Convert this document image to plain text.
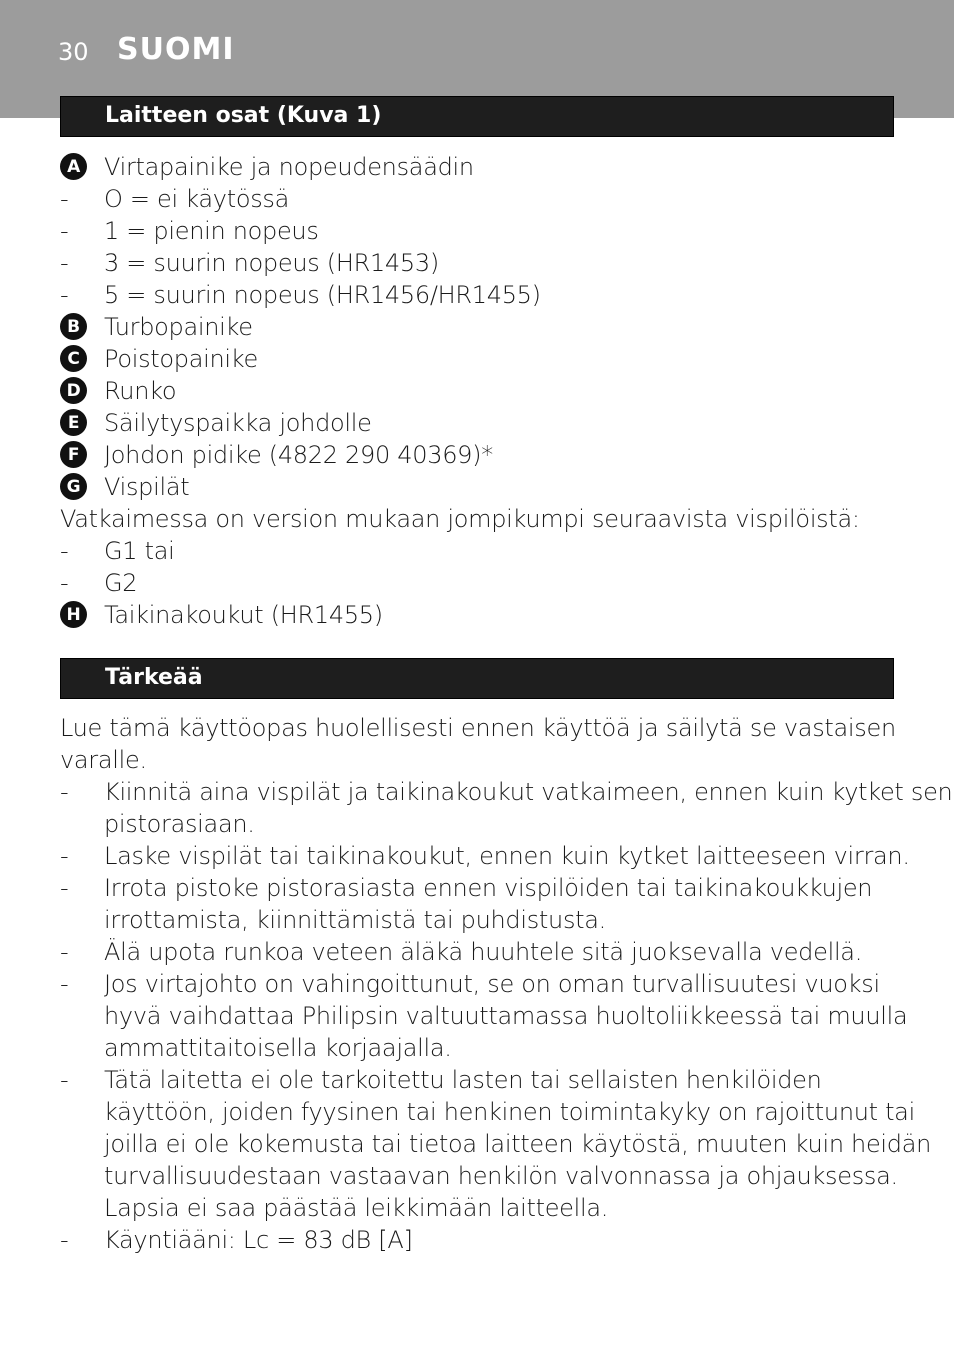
30 SUOMI
Laitteen osat (Kuva 1)
A Virtapainike ja nopeudensäädin
- O = ei käytössä
- 1 = pienin nopeus
- 3 = suurin nopeus (HR1453)
- 5 = suurin nopeus (HR1456/HR1455)
B Turbopainike
C	Poistopainike
D Runko
E	Säilytyspaikka johdolle
F	Johdon pidike (4822 290 40369)*
G Vispilät
Vatkaimessa on version mukaan jompikumpi seuraavista vispilöistä:
- G1 tai
- G2
H Taikinakoukut (HR1455)
Tärkeää
Lue tämä käyttöopas huolellisesti ennen käyttöä ja säilytä se vastaisen
varalle.
- Kiinnitä aina vispilät ja taikinakoukut vatkaimeen, ennen kuin kytket sen
pistorasiaan.
- Laske vispilät tai taikinakoukut, ennen kuin kytket laitteeseen virran.
- Irrota pistoke pistorasiasta ennen vispilöiden tai taikinakoukkujen
irrottamista, kiinnittämistä tai puhdistusta.
- Älä upota runkoa veteen äläkä huuhtele sitä juoksevalla vedellä.
- Jos virtajohto on vahingoittunut, se on oman turvallisuutesi vuoksi
hyvä vaihdattaa Philipsin valtuuttamassa huoltoliikkeessä tai muulla
ammattitaitoisella korjaajalla.
- Tätä laitetta ei ole tarkoitettu lasten tai sellaisten henkilöiden
käyttöön, joiden fyysinen tai henkinen toimintakyky on rajoittunut tai
joilla ei ole kokemusta tai tietoa laitteen käytöstä, muuten kuin heidän
turvallisuudestaan vastaavan henkilön valvonnassa ja ohjauksessa.
Lapsia ei saa päästää leikkimään laitteella.
- Käyntiääni: Lc = 83 dB [A]
